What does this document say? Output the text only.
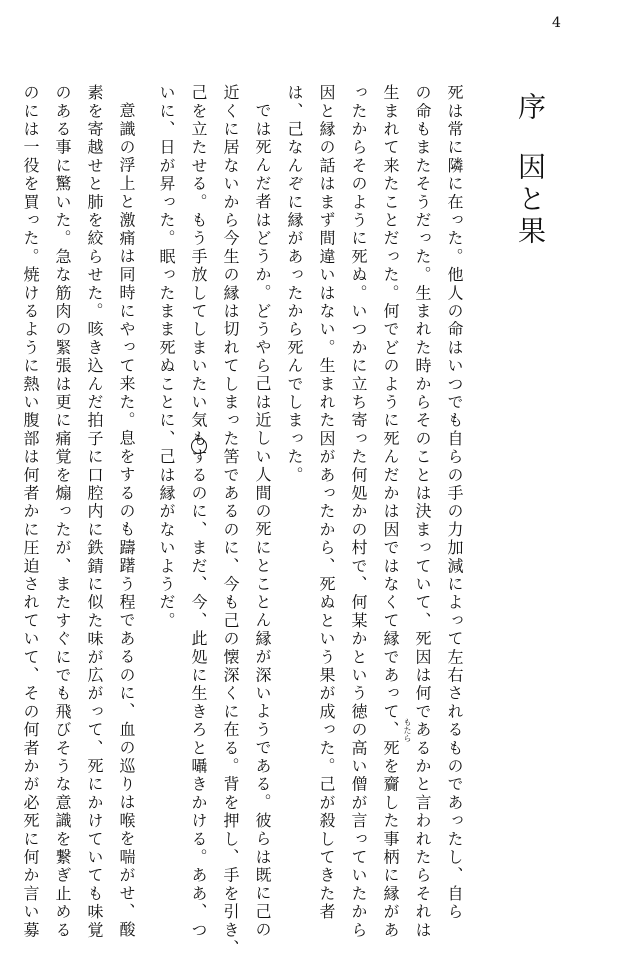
4
序
因と果
死は常に隣に在った。他人の命はいつでも自らの手の力加減によって左右されるものであったし、自ら
の命もまたそうだった。生まれた時からそのことは決まっていて、死因は何であるかと言われたらそれは
生まれて来たことだった。何でどのように死んだかは因ではなくて縁であって、死を齎した事柄に縁があ
ったからそのように死ぬ。いつかに立ち寄った何処かの村で、何某かという徳の高い僧が言っていたから
因と縁の話はまず間違いはない。生まれた因があったから、死ぬという果が成った。己が殺してきた者
は、己なんぞに縁があったから死んでしまった。
では死んだ者はどうか。どうやら己は近しい人間の死にとことん縁が深いようである。彼らは既に己の
近くに居ないから今生の縁は切れてしまった筈であるのに、今も己の懐深くに在る。背を押し、手を引き、
己を立たせる。もう手放してしまいたい気もするのに、まだ、今、此処に生きろと囁きかける。ああ、つ
いに、日が昇った。眠ったまま死ぬことに、己は縁がないようだ。
意識の浮上と激痛は同時にやって来た。息をするのも躊躇う程であるのに、血の巡りは喉を喘がせ、酸
素を寄越せと肺を絞らせた。咳き込んだ拍子に口腔内に鉄錆に似た味が広がって、死にかけていても味覚
のある事に驚いた。急な筋肉の緊張は更に痛覚を煽ったが、またすぐにでも飛びそうな意識を繋ぎ止める
のには一役を買った。焼けるように熱い腹部は何者かに圧迫されていて、その何者かが必死に何か言い募	もたら
